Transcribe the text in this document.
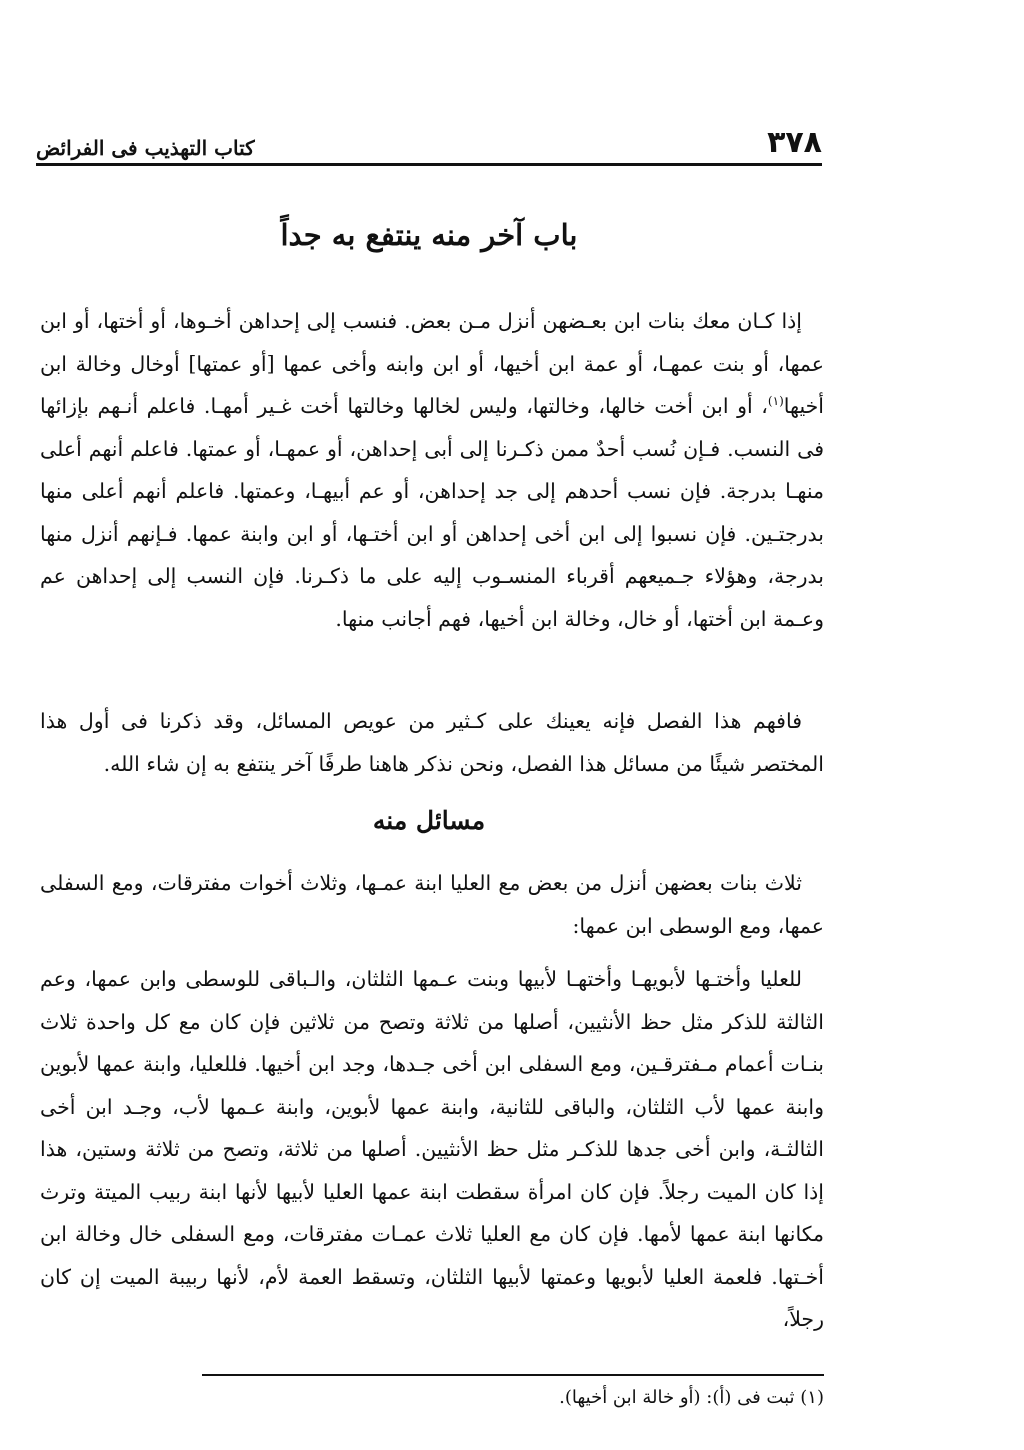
٣٧٨
كتاب التهذيب فى الفرائض
باب آخر منه ينتفع به جداً

إذا كـان معك بنات ابن بعـضهن أنزل مـن بعض. فنسب إلى إحداهن أخـوها، أو أختها، أو ابن عمها، أو بنت عمهـا، أو عمة ابن أخيها، أو ابن وابنه وأخى عمها [أو عمتها] أوخال وخالة ابن أخيها$^{(١)}$، أو ابن أخت خالها، وخالتها، وليس لخالها وخالتها أخت غـير أمهـا. فاعلم أنـهم بإزائها فى النسب. فـإن نُسب أحدٌ ممن ذكـرنا إلى أبى إحداهن، أو عمهـا، أو عمتها. فاعلم أنهم أعلى منهـا بدرجة. فإن نسب أحدهم إلى جد إحداهن، أو عم أبيهـا، وعمتها. فاعلم أنهم أعلى منها بدرجتـين. فإن نسبوا إلى ابن أخى إحداهن أو ابن أختـها، أو ابن وابنة عمها. فـإنهم أنزل منها بدرجة، وهؤلاء جـميعهم أقرباء المنسـوب إليه على ما ذكـرنا. فإن النسب إلى إحداهن عم وعـمة ابن أختها، أو خال، وخالة ابن أخيها، فهم أجانب منها.

فافهم هذا الفصل فإنه يعينك على كـثير من عويص المسائل، وقد ذكرنا فى أول هذا المختصر شيئًا من مسائل هذا الفصل، ونحن نذكر هاهنا طرفًا آخر ينتفع به إن شاء الله.

مسائل منه

ثلاث بنات بعضهن أنزل من بعض مع العليا ابنة عمـها، وثلاث أخوات مفترقات، ومع السفلى عمها، ومع الوسطى ابن عمها:

للعليا وأختـها لأبويهـا وأختهـا لأبيها وبنت عـمها الثلثان، والـباقى للوسطى وابن عمها، وعم الثالثة للذكر مثل حظ الأنثيين، أصلها من ثلاثة وتصح من ثلاثين فإن كان مع كل واحدة ثلاث بنـات أعمام مـفترقـين، ومع السفلى ابن أخى جـدها، وجد ابن أخيها. فللعليا، وابنة عمها لأبوين وابنة عمها لأب الثلثان، والباقى للثانية، وابنة عمها لأبوين، وابنة عـمها لأب، وجـد ابن أخى الثالثـة، وابن أخى جدها للذكـر مثل حظ الأنثيين. أصلها من ثلاثة، وتصح من ثلاثة وستين، هذا إذا كان الميت رجلاً. فإن كان امرأة سقطت ابنة عمها العليا لأبيها لأنها ابنة ربيب الميتة وترث مكانها ابنة عمها لأمها. فإن كان مع العليا ثلاث عمـات مفترقات، ومع السفلى خال وخالة ابن أخـتها. فلعمة العليا لأبويها وعمتها لأبيها الثلثان، وتسقط العمة لأم، لأنها ربيبة الميت إن كان رجلاً،

(١) ثبت فى (أ): (أو خالة ابن أخيها).
